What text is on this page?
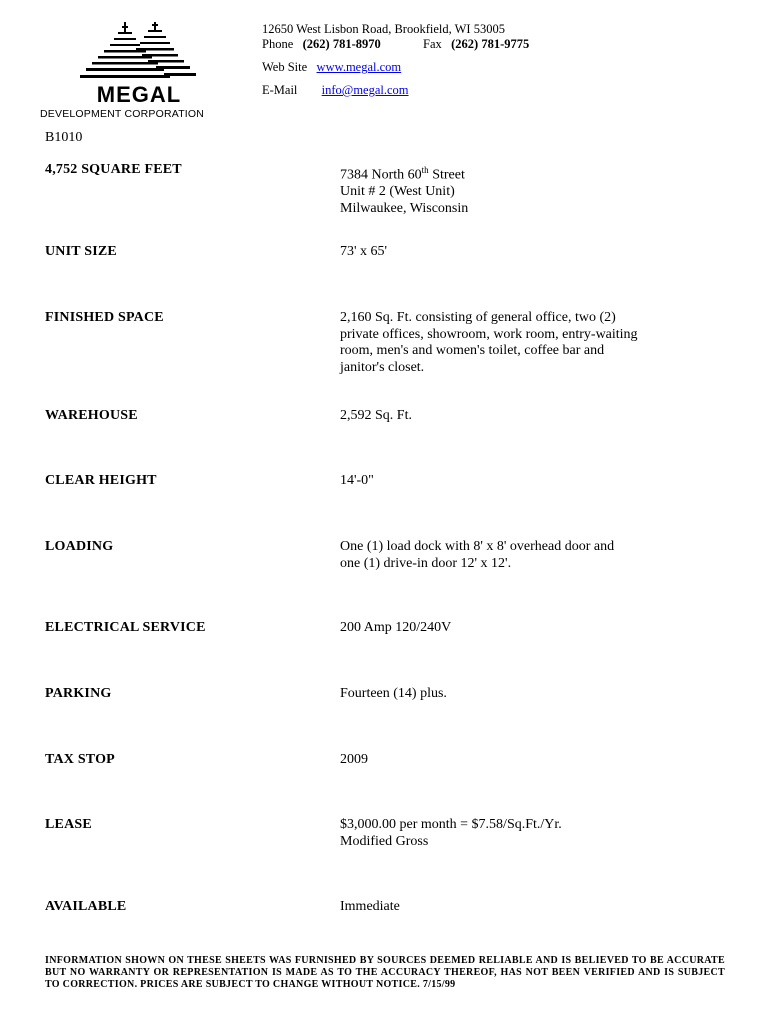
MEGAL
DEVELOPMENT CORPORATION
12650 West Lisbon Road, Brookfield, WI 53005
Phone (262) 781-8970	Fax (262) 781-9775
Web Site www.megal.com
E-Mail info@megal.com
B1010
4,752 SQUARE FEET	7384 North 60th Street
Unit # 2 (West Unit)
Milwaukee, Wisconsin
UNIT SIZE	73' x 65'
FINISHED SPACE	2,160 Sq. Ft. consisting of general office, two (2)
private offices, showroom, work room, entry-waiting
room, men's and women's toilet, coffee bar and
janitor's closet.
WAREHOUSE	2,592 Sq. Ft.
CLEAR HEIGHT	14'-0"
LOADING	One (1) load dock with 8' x 8' overhead door and
one (1) drive-in door 12' x 12'.
ELECTRICAL SERVICE	200 Amp 120/240V
PARKING	Fourteen (14) plus.
TAX STOP	2009
LEASE	$3,000.00 per month = $7.58/Sq.Ft./Yr.
Modified Gross
AVAILABLE	Immediate
INFORMATION SHOWN ON THESE SHEETS WAS FURNISHED BY SOURCES DEEMED RELIABLE AND IS BELIEVED TO BE ACCURATE BUT NO WARRANTY OR REPRESENTATION IS MADE AS TO THE ACCURACY THEREOF, HAS NOT BEEN VERIFIED AND IS SUBJECT TO CORRECTION. PRICES ARE SUBJECT TO CHANGE WITHOUT NOTICE. 7/15/99
